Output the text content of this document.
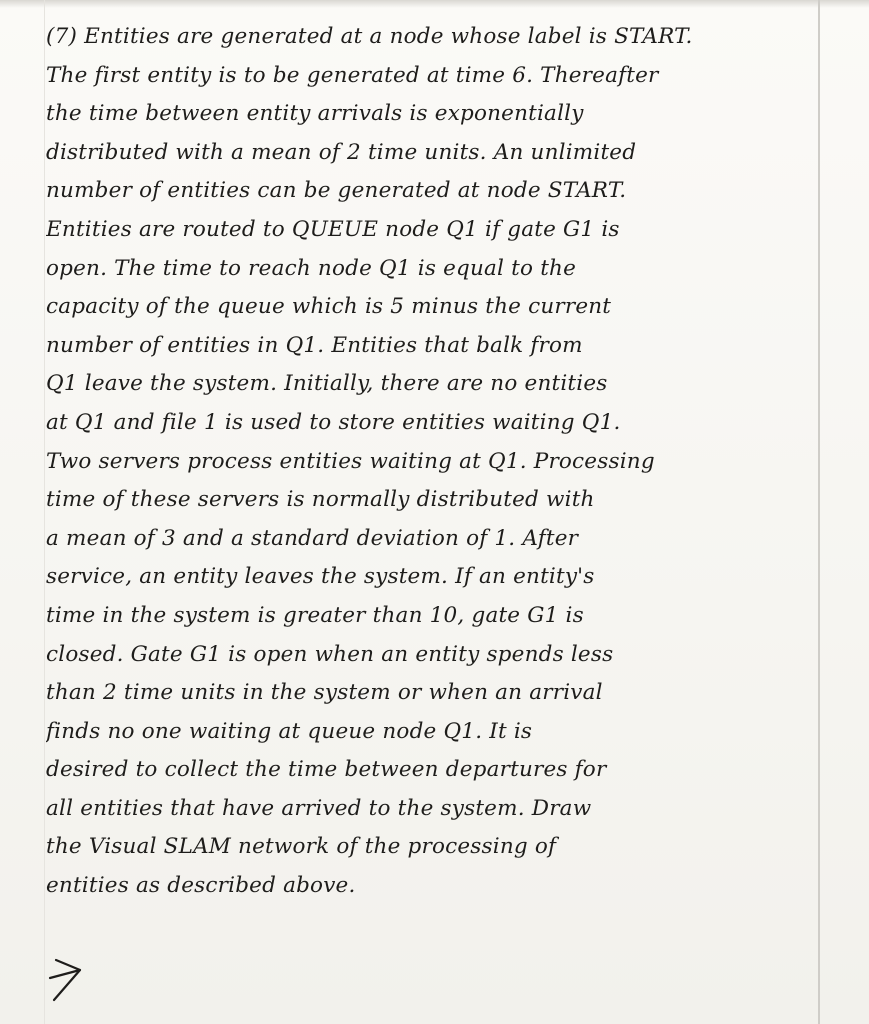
(7) Entities are generated at a node whose label is START.
The first entity is to be generated at time 6. Thereafter
the time between entity arrivals is exponentially
distributed with a mean of 2 time units. An unlimited
number of entities can be generated at node START.
Entities are routed to QUEUE node Q1 if gate G1 is
open. The time to reach node Q1 is equal to the
capacity of the queue which is 5 minus the current
number of entities in Q1. Entities that balk from
Q1 leave the system. Initially, there are no entities
at Q1 and file 1 is used to store entities waiting Q1.
Two servers process entities waiting at Q1. Processing
time of these servers is normally distributed with
a mean of 3 and a standard deviation of 1. After
service, an entity leaves the system. If an entity's
time in the system is greater than 10, gate G1 is
closed. Gate G1 is open when an entity spends less
than 2 time units in the system or when an arrival
finds no one waiting at queue node Q1. It is
desired to collect the time between departures for
all entities that have arrived to the system. Draw
the Visual SLAM network of the processing of
entities as described above.
